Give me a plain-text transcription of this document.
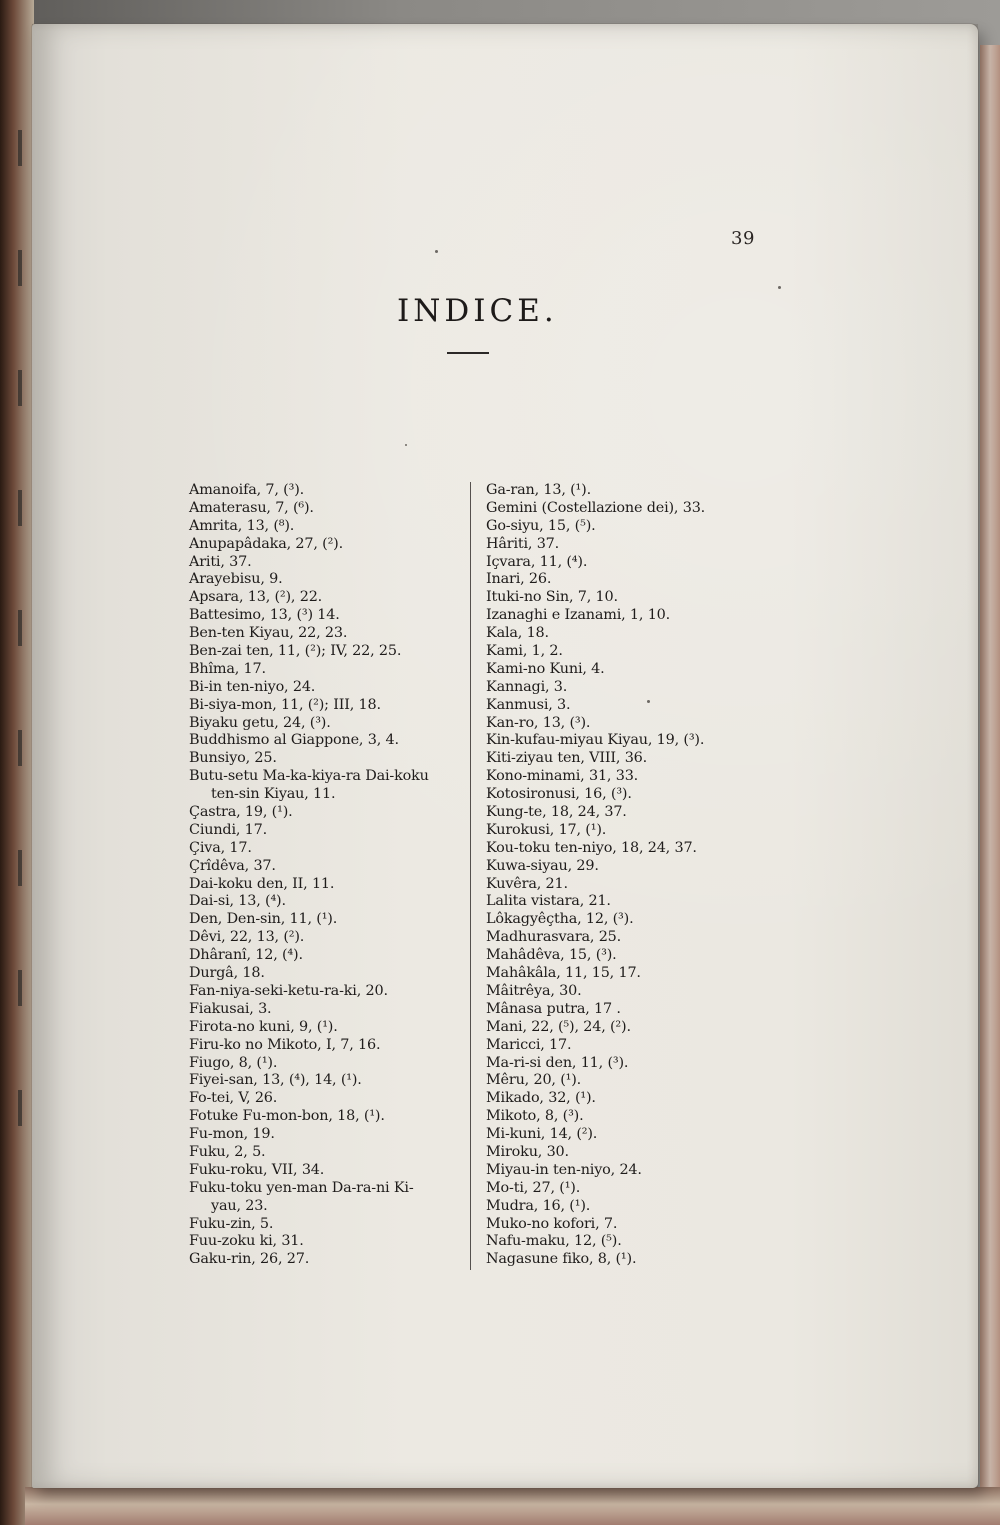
39
INDICE.
Amanoifa, 7, (³).
Amaterasu, 7, (⁶).
Amrita, 13, (⁸).
Anupapâdaka, 27, (²).
Ariti, 37.
Arayebisu, 9.
Apsara, 13, (²), 22.
Battesimo, 13, (³) 14.
Ben-ten Kiyau, 22, 23.
Ben-zai ten, 11, (²); IV, 22, 25.
Bhîma, 17.
Bi-in ten-niyo, 24.
Bi-siya-mon, 11, (²); III, 18.
Biyaku getu, 24, (³).
Buddhismo al Giappone, 3, 4.
Bunsiyo, 25.
Butu-setu Ma-ka-kiya-ra Dai-koku
ten-sin Kiyau, 11.
Çastra, 19, (¹).
Ciundi, 17.
Çiva, 17.
Çrîdêva, 37.
Dai-koku den, II, 11.
Dai-si, 13, (⁴).
Den, Den-sin, 11, (¹).
Dêvi, 22, 13, (²).
Dhâranî, 12, (⁴).
Durgâ, 18.
Fan-niya-seki-ketu-ra-ki, 20.
Fiakusai, 3.
Firota-no kuni, 9, (¹).
Firu-ko no Mikoto, I, 7, 16.
Fiugo, 8, (¹).
Fiyei-san, 13, (⁴), 14, (¹).
Fo-tei, V, 26.
Fotuke Fu-mon-bon, 18, (¹).
Fu-mon, 19.
Fuku, 2, 5.
Fuku-roku, VII, 34.
Fuku-toku yen-man Da-ra-ni Ki-
yau, 23.
Fuku-zin, 5.
Fuu-zoku ki, 31.
Gaku-rin, 26, 27.
Ga-ran, 13, (¹).
Gemini (Costellazione dei), 33.
Go-siyu, 15, (⁵).
Hâriti, 37.
Içvara, 11, (⁴).
Inari, 26.
Ituki-no Sin, 7, 10.
Izanaghi e Izanami, 1, 10.
Kala, 18.
Kami, 1, 2.
Kami-no Kuni, 4.
Kannagi, 3.
Kanmusi, 3.
Kan-ro, 13, (³).
Kin-kufau-miyau Kiyau, 19, (³).
Kiti-ziyau ten, VIII, 36.
Kono-minami, 31, 33.
Kotosironusi, 16, (³).
Kung-te, 18, 24, 37.
Kurokusi, 17, (¹).
Kou-toku ten-niyo, 18, 24, 37.
Kuwa-siyau, 29.
Kuvêra, 21.
Lalita vistara, 21.
Lôkagyêçtha, 12, (³).
Madhurasvara, 25.
Mahâdêva, 15, (³).
Mahâkâla, 11, 15, 17.
Mâitrêya, 30.
Mânasa putra, 17 .
Mani, 22, (⁵), 24, (²).
Maricci, 17.
Ma-ri-si den, 11, (³).
Mêru, 20, (¹).
Mikado, 32, (¹).
Mikoto, 8, (³).
Mi-kuni, 14, (²).
Miroku, 30.
Miyau-in ten-niyo, 24.
Mo-ti, 27, (¹).
Mudra, 16, (¹).
Muko-no kofori, 7.
Nafu-maku, 12, (⁵).
Nagasune fiko, 8, (¹).
